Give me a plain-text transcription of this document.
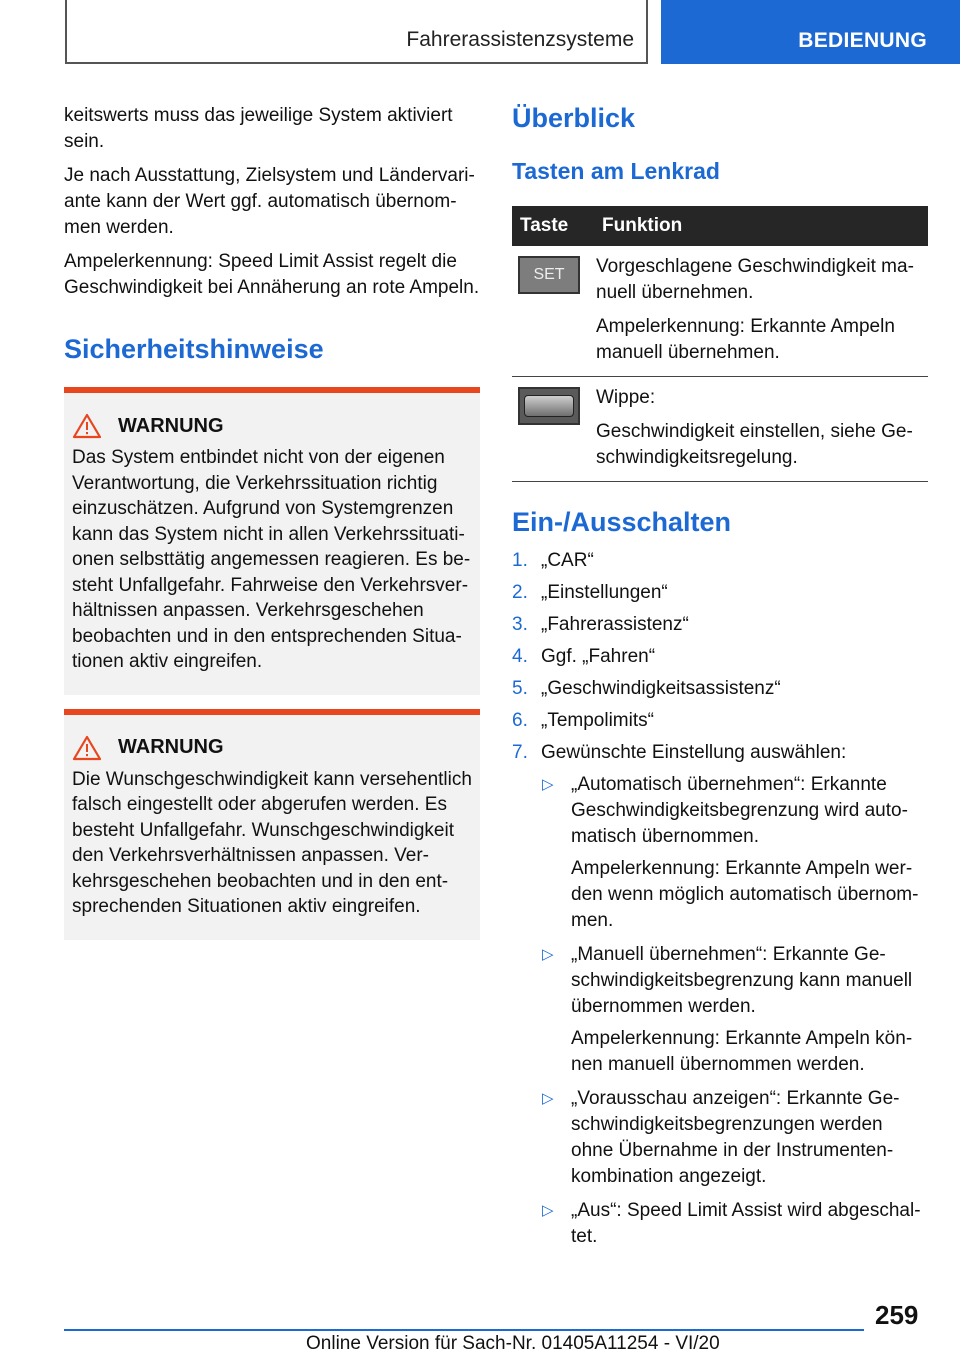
Fahrerassistenzsysteme	BEDIENUNG

keitswerts muss das jeweilige System aktiviert sein.

Je nach Ausstattung, Zielsystem und Ländervariante kann der Wert ggf. automatisch übernommen werden.

Ampelerkennung: Speed Limit Assist regelt die Geschwindigkeit bei Annäherung an rote Ampeln.

Sicherheitshinweise
WARNUNG

Das System entbindet nicht von der eigenen Verantwortung, die Verkehrssituation richtig einzuschätzen. Aufgrund von Systemgrenzen kann das System nicht in allen Verkehrssituationen selbsttätig angemessen reagieren. Es besteht Unfallgefahr. Fahrweise den Verkehrsverhältnissen anpassen. Verkehrsgeschehen beobachten und in den entsprechenden Situationen aktiv eingreifen.

WARNUNG

Die Wunschgeschwindigkeit kann versehentlich falsch eingestellt oder abgerufen werden. Es besteht Unfallgefahr. Wunschgeschwindigkeit den Verkehrsverhältnissen anpassen. Verkehrsgeschehen beobachten und in den entsprechenden Situationen aktiv eingreifen.

Überblick
Tasten am Lenkrad
Taste	Funktion

SET	Vorgeschlagene Geschwindigkeit manuell übernehmen.

Ampelerkennung: Erkannte Ampeln manuell übernehmen.

	Wippe:

Geschwindigkeit einstellen, siehe Geschwindigkeitsregelung.

Ein-/Ausschalten
1. „CAR“
2. „Einstellungen“
3. „Fahrerassistenz“
4. Ggf. „Fahren“
5. „Geschwindigkeitsassistenz“
6. „Tempolimits“
7. Gewünschte Einstellung auswählen:
▷ „Automatisch übernehmen“: Erkannte Geschwindigkeitsbegrenzung wird automatisch übernommen.

Ampelerkennung: Erkannte Ampeln werden wenn möglich automatisch übernommen.

▷ „Manuell übernehmen“: Erkannte Geschwindigkeitsbegrenzung kann manuell übernommen werden.

Ampelerkennung: Erkannte Ampeln können manuell übernommen werden.

▷ „Vorausschau anzeigen“: Erkannte Geschwindigkeitsbegrenzungen werden ohne Übernahme in der Instrumentenkombination angezeigt.

▷ „Aus“: Speed Limit Assist wird abgeschaltet.

259
Online Version für Sach-Nr. 01405A11254 - VI/20
